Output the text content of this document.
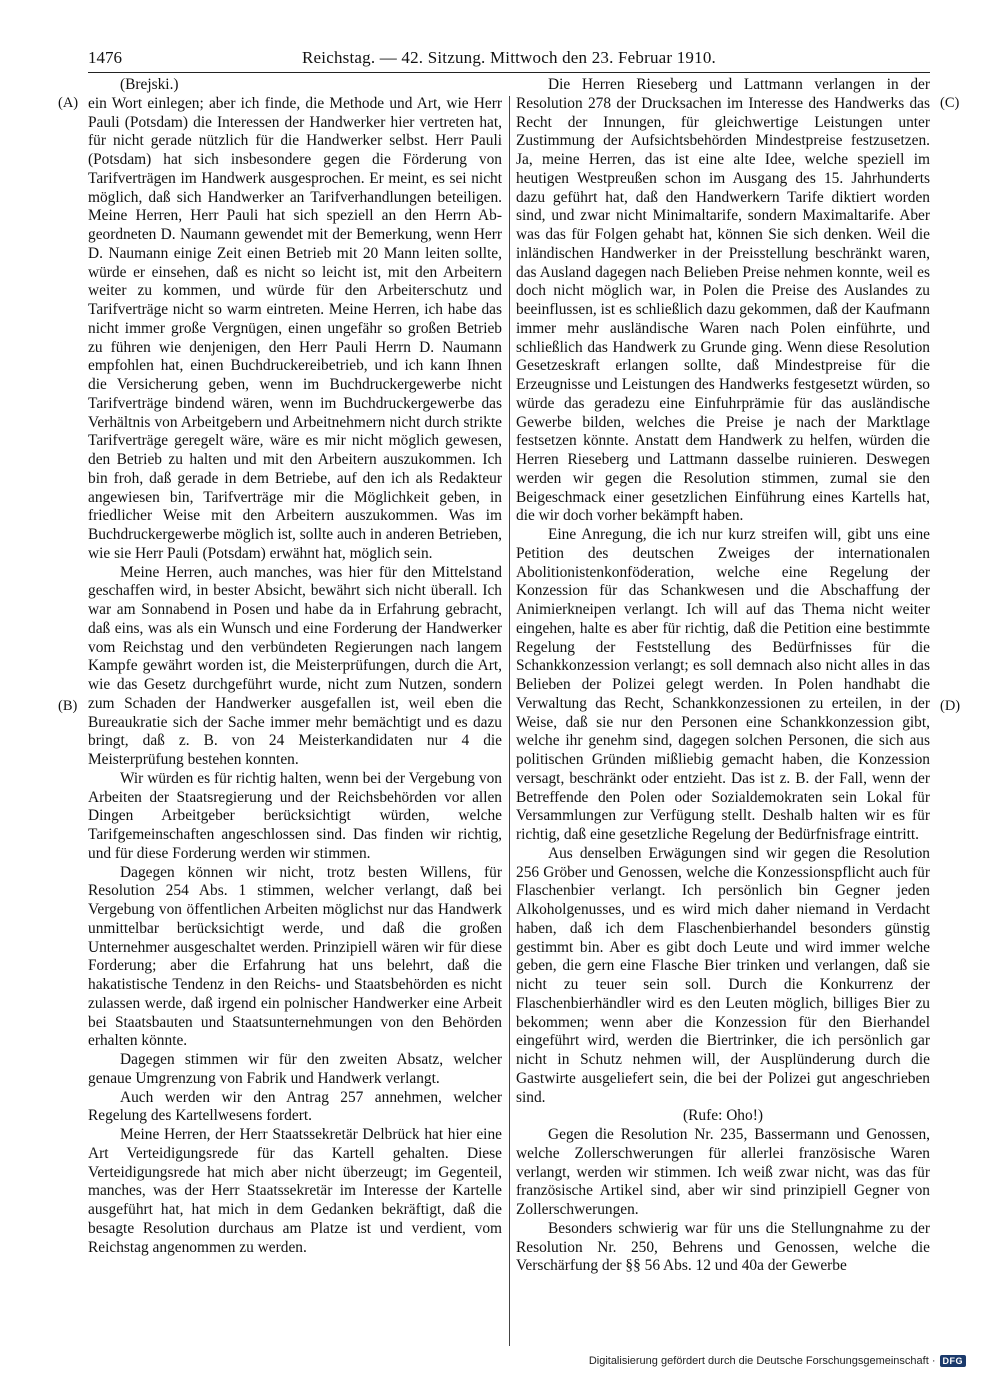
1476	Reichstag. — 42. Sitzung. Mittwoch den 23. Februar 1910.
(A)
(B)
(C)
(D)

(Brejski.)

ein Wort einlegen; aber ich finde, die Methode und Art, wie Herr Pauli (Potsdam) die Interessen der Handwerker hier vertreten hat, für nicht gerade nützlich für die Handwerker selbst. Herr Pauli (Potsdam) hat sich insbesondere gegen die Förderung von Tarifverträgen im Handwerk ausgesprochen. Er meint, es sei nicht möglich, daß sich Handwerker an Tarifverhandlungen beteiligen. Meine Herren, Herr Pauli hat sich speziell an den Herrn Abgeordneten D. Naumann gewendet mit der Bemerkung, wenn Herr D. Naumann einige Zeit einen Betrieb mit 20 Mann leiten sollte, würde er einsehen, daß es nicht so leicht ist, mit den Arbeitern weiter zu kommen, und würde für den Arbeiterschutz und Tarifverträge nicht so warm eintreten. Meine Herren, ich habe das nicht immer große Vergnügen, einen ungefähr so großen Betrieb zu führen wie denjenigen, den Herr Pauli Herrn D. Naumann empfohlen hat, einen Buchdruckereibetrieb, und ich kann Ihnen die Versicherung geben, wenn im Buchdruckergewerbe nicht Tarifverträge bindend wären, wenn im Buchdruckergewerbe das Verhältnis von Arbeitgebern und Arbeitnehmern nicht durch strikte Tarifverträge geregelt wäre, wäre es mir nicht möglich gewesen, den Betrieb zu halten und mit den Arbeitern auszukommen. Ich bin froh, daß gerade in dem Betriebe, auf den ich als Redakteur angewiesen bin, Tarifverträge mir die Möglichkeit geben, in friedlicher Weise mit den Arbeitern auszukommen. Was im Buchdruckergewerbe möglich ist, sollte auch in anderen Betrieben, wie sie Herr Pauli (Potsdam) erwähnt hat, möglich sein.

Meine Herren, auch manches, was hier für den Mittelstand geschaffen wird, in bester Absicht, bewährt sich nicht überall. Ich war am Sonnabend in Posen und habe da in Erfahrung gebracht, daß eins, was als ein Wunsch und eine Forderung der Handwerker vom Reichstag und den verbündeten Regierungen nach langem Kampfe gewährt worden ist, die Meisterprüfungen, durch die Art, wie das Gesetz durchgeführt wurde, nicht zum Nutzen, sondern zum Schaden der Handwerker ausgefallen ist, weil eben die Bureaukratie sich der Sache immer mehr bemächtigt und es dazu bringt, daß z. B. von 24 Meisterkandidaten nur 4 die Meisterprüfung bestehen konnten.

Wir würden es für richtig halten, wenn bei der Vergebung von Arbeiten der Staatsregierung und der Reichsbehörden vor allen Dingen Arbeitgeber berücksichtigt würden, welche Tarifgemeinschaften angeschlossen sind. Das finden wir richtig, und für diese Forderung werden wir stimmen.

Dagegen können wir nicht, trotz besten Willens, für Resolution 254 Abs. 1 stimmen, welcher verlangt, daß bei Vergebung von öffentlichen Arbeiten möglichst nur das Handwerk unmittelbar berücksichtigt werde, und daß die großen Unternehmer ausgeschaltet werden. Prinzipiell wären wir für diese Forderung; aber die Erfahrung hat uns belehrt, daß die hakatistische Tendenz in den Reichs- und Staatsbehörden es nicht zulassen werde, daß irgend ein polnischer Handwerker eine Arbeit bei Staatsbauten und Staatsunternehmungen von den Behörden erhalten könnte.

Dagegen stimmen wir für den zweiten Absatz, welcher genaue Umgrenzung von Fabrik und Handwerk verlangt.

Auch werden wir den Antrag 257 annehmen, welcher Regelung des Kartellwesens fordert.

Meine Herren, der Herr Staatssekretär Delbrück hat hier eine Art Verteidigungsrede für das Kartell gehalten. Diese Verteidigungsrede hat mich aber nicht überzeugt; im Gegenteil, manches, was der Herr Staatssekretär im Interesse der Kartelle ausgeführt hat, hat mich in dem Gedanken bekräftigt, daß die besagte Resolution durchaus am Platze ist und verdient, vom Reichstag angenommen zu werden.

Die Herren Rieseberg und Lattmann verlangen in der Resolution 278 der Drucksachen im Interesse des Handwerks das Recht der Innungen, für gleichwertige Leistungen unter Zustimmung der Aufsichtsbehörden Mindestpreise festzusetzen. Ja, meine Herren, das ist eine alte Idee, welche speziell im heutigen Westpreußen schon im Ausgang des 15. Jahrhunderts dazu geführt hat, daß den Handwerkern Tarife diktiert worden sind, und zwar nicht Minimaltarife, sondern Maximaltarife. Aber was das für Folgen gehabt hat, können Sie sich denken. Weil die inländischen Handwerker in der Preisstellung beschränkt waren, das Ausland dagegen nach Belieben Preise nehmen konnte, weil es doch nicht möglich war, in Polen die Preise des Auslandes zu beeinflussen, ist es schließlich dazu gekommen, daß der Kaufmann immer mehr ausländische Waren nach Polen einführte, und schließlich das Handwerk zu Grunde ging. Wenn diese Resolution Gesetzeskraft erlangen sollte, daß Mindestpreise für die Erzeugnisse und Leistungen des Handwerks festgesetzt würden, so würde das geradezu eine Einfuhrprämie für das ausländische Gewerbe bilden, welches die Preise je nach der Marktlage festsetzen könnte. Anstatt dem Handwerk zu helfen, würden die Herren Rieseberg und Lattmann dasselbe ruinieren. Deswegen werden wir gegen die Resolution stimmen, zumal sie den Beigeschmack einer gesetzlichen Einführung eines Kartells hat, die wir doch vorher bekämpft haben.

Eine Anregung, die ich nur kurz streifen will, gibt uns eine Petition des deutschen Zweiges der internationalen Abolitionistenkonföderation, welche eine Regelung der Konzession für das Schankwesen und die Abschaffung der Animierkneipen verlangt. Ich will auf das Thema nicht weiter eingehen, halte es aber für richtig, daß die Petition eine bestimmte Regelung der Feststellung des Bedürfnisses für die Schankkonzession verlangt; es soll demnach also nicht alles in das Belieben der Polizei gelegt werden. In Polen handhabt die Verwaltung das Recht, Schankkonzessionen zu erteilen, in der Weise, daß sie nur den Personen eine Schankkonzession gibt, welche ihr genehm sind, dagegen solchen Personen, die sich aus politischen Gründen mißliebig gemacht haben, die Konzession versagt, beschränkt oder entzieht. Das ist z. B. der Fall, wenn der Betreffende den Polen oder Sozialdemokraten sein Lokal für Versammlungen zur Verfügung stellt. Deshalb halten wir es für richtig, daß eine gesetzliche Regelung der Bedürfnisfrage eintritt.

Aus denselben Erwägungen sind wir gegen die Resolution 256 Gröber und Genossen, welche die Konzessionspflicht auch für Flaschenbier verlangt. Ich persönlich bin Gegner jeden Alkoholgenusses, und es wird mich daher niemand in Verdacht haben, daß ich dem Flaschenbierhandel besonders günstig gestimmt bin. Aber es gibt doch Leute und wird immer welche geben, die gern eine Flasche Bier trinken und verlangen, daß sie nicht zu teuer sein soll. Durch die Konkurrenz der Flaschenbierhändler wird es den Leuten möglich, billiges Bier zu bekommen; wenn aber die Konzession für den Bierhandel eingeführt wird, werden die Biertrinker, die ich persönlich gar nicht in Schutz nehmen will, der Ausplünderung durch die Gastwirte ausgeliefert sein, die bei der Polizei gut angeschrieben sind.

(Rufe: Oho!)

Gegen die Resolution Nr. 235, Bassermann und Genossen, welche Zollerschwerungen für allerlei französische Waren verlangt, werden wir stimmen. Ich weiß zwar nicht, was das für französische Artikel sind, aber wir sind prinzipiell Gegner von Zollerschwerungen.

Besonders schwierig war für uns die Stellungnahme zu der Resolution Nr. 250, Behrens und Genossen, welche die Verschärfung der §§ 56 Abs. 12 und 40a der Gewerbe

Digitalisierung gefördert durch die Deutsche Forschungsgemeinschaft · DFG
